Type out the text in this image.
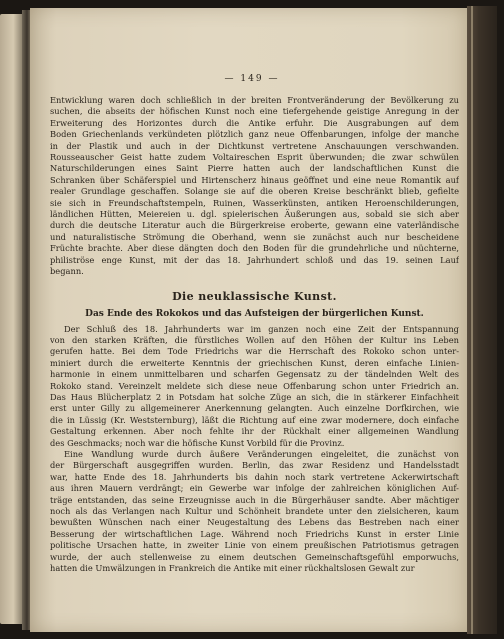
— 149 —
Entwicklung waren doch schließlich in der breiten Frontveränderung der Bevölkerung zu
suchen, die abseits der höfischen Kunst noch eine tiefergehende geistige Anregung in der
Erweiterung des Horizontes durch die Antike erfuhr. Die Ausgrabungen auf dem
Boden Griechenlands verkündeten plötzlich ganz neue Offenbarungen, infolge der manche
in der Plastik und auch in der Dichtkunst vertretene Anschauungen verschwanden.
Rousseauscher Geist hatte zudem Voltaireschen Esprit überwunden; die zwar schwülen
Naturschilderungen eines Saint Pierre hatten auch der landschaftlichen Kunst die
Schranken über Schäferspiel und Hirtenscherz hinaus geöffnet und eine neue Romantik auf
realer Grundlage geschaffen. Solange sie auf die oberen Kreise beschränkt blieb, gefielte
sie sich in Freundschaftstempeln, Ruinen, Wasserkünsten, antiken Heroenschilderungen,
ländlichen Hütten, Meiereien u. dgl. spielerischen Äußerungen aus, sobald sie sich aber
durch die deutsche Literatur auch die Bürgerkreise eroberte, gewann eine vaterländische
und naturalistische Strömung die Oberhand, wenn sie zunächst auch nur bescheidene
Früchte brachte. Aber diese dängten doch den Boden für die grundehrliche und nüchterne,
philiströse enge Kunst, mit der das 18. Jahrhundert schloß und das 19. seinen Lauf
begann.

Die neuklassische Kunst.

Das Ende des Rokokos und das Aufsteigen der bürgerlichen Kunst.

Der Schluß des 18. Jahrhunderts war im ganzen noch eine Zeit der Entspannung
von den starken Kräften, die fürstliches Wollen auf den Höhen der Kultur ins Leben
gerufen hatte. Bei dem Tode Friedrichs war die Herrschaft des Rokoko schon unter-
miniert durch die erweiterte Kenntnis der griechischen Kunst, deren einfache Linien-
harmonie in einem unmittelbaren und scharfen Gegensatz zu der tändelnden Welt des
Rokoko stand. Vereinzelt meldete sich diese neue Offenbarung schon unter Friedrich an.
Das Haus Blücherplatz 2 in Potsdam hat solche Züge an sich, die in stärkerer Einfachheit
erst unter Gilly zu allgemeinerer Anerkennung gelangten. Auch einzelne Dorfkirchen, wie
die in Lüssig (Kr. Weststernburg), läßt die Richtung auf eine zwar modernere, doch einfache
Gestaltung erkennen. Aber noch fehlte ihr der Rückhalt einer allgemeinen Wandlung
des Geschmacks; noch war die höfische Kunst Vorbild für die Provinz.
Eine Wandlung wurde durch äußere Veränderungen eingeleitet, die zunächst von
der Bürgerschaft ausgegriffen wurden. Berlin, das zwar Residenz und Handelsstadt
war, hatte Ende des 18. Jahrhunderts bis dahin noch stark vertretene Ackerwirtschaft
aus ihren Mauern verdrängt; ein Gewerbe war infolge der zahlreichen königlichen Auf-
träge entstanden, das seine Erzeugnisse auch in die Bürgerhäuser sandte. Aber mächtiger
noch als das Verlangen nach Kultur und Schönheit brandete unter den zielsicheren, kaum
bewußten Wünschen nach einer Neugestaltung des Lebens das Bestreben nach einer
Besserung der wirtschaftlichen Lage. Während noch Friedrichs Kunst in erster Linie
politische Ursachen hatte, in zweiter Linie von einem preußischen Patriotismus getragen
wurde, der auch stellenweise zu einem deutschen Gemeinschaftsgefühl emporwuchs,
hatten die Umwälzungen in Frankreich die Antike mit einer rückhaltslosen Gewalt zur
